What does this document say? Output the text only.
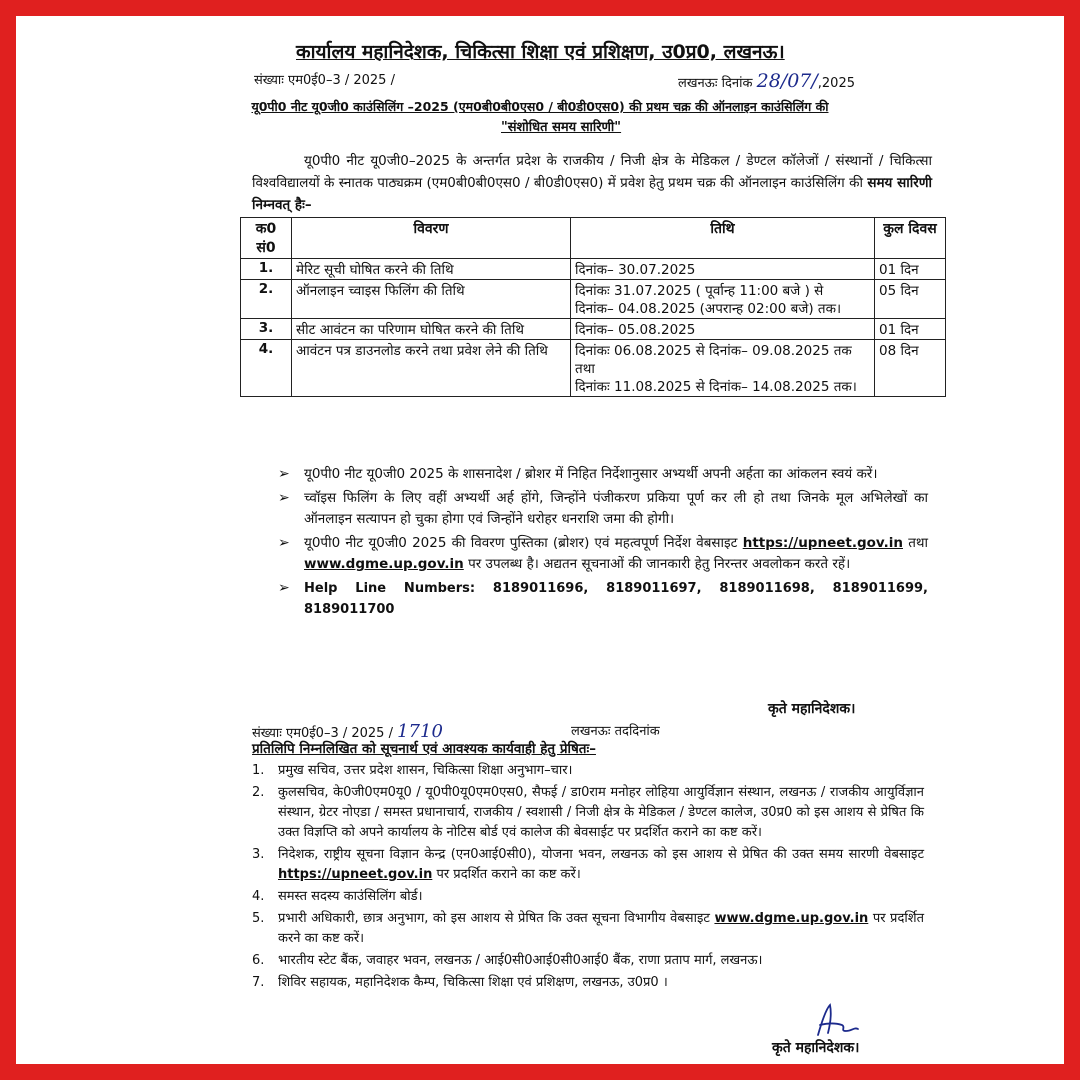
कार्यालय महानिदेशक, चिकित्सा शिक्षा एवं प्रशिक्षण, उ0प्र0, लखनऊ।
संख्याः एम0ई0–3 / 2025 /	लखनऊः दिनांक 28/07/,2025
यू0पी0 नीट यू0जी0 काउंसिलिंग –2025 (एम0बी0बी0एस0 / बी0डी0एस0) की प्रथम चक्र की ऑनलाइन काउंसिलिंग की
"संशोधित समय सारिणी"
यू0पी0 नीट यू0जी0–2025 के अन्तर्गत प्रदेश के राजकीय / निजी क्षेत्र के मेडिकल / डेण्टल कॉलेजों / संस्थानों / चिकित्सा विश्वविद्यालयों के स्नातक पाठ्यक्रम (एम0बी0बी0एस0 / बी0डी0एस0) में प्रवेश हेतु प्रथम चक्र की ऑनलाइन काउंसिलिंग की समय सारिणी निम्नवत् हैः–
क0 सं0	विवरण	तिथि	कुल दिवस
1.	मेरिट सूची घोषित करने की तिथि	दिनांक– 30.07.2025	01 दिन
2.	ऑनलाइन च्वाइस फिलिंग की तिथि	दिनांकः 31.07.2025 ( पूर्वान्ह 11:00 बजे ) से
दिनांक– 04.08.2025 (अपरान्ह 02:00 बजे) तक।	05 दिन
3.	सीट आवंटन का परिणाम घोषित करने की तिथि	दिनांक– 05.08.2025	01 दिन
4.	आवंटन पत्र डाउनलोड करने तथा प्रवेश लेने की तिथि	दिनांकः 06.08.2025 से दिनांक– 09.08.2025 तक तथा
दिनांकः 11.08.2025 से दिनांक– 14.08.2025 तक।	08 दिन
➢ यू0पी0 नीट यू0जी0 2025 के शासनादेश / ब्रोशर में निहित निर्देशानुसार अभ्यर्थी अपनी अर्हता का आंकलन स्वयं करें।
➢ च्वॉइस फिलिंग के लिए वहीं अभ्यर्थी अर्ह होंगे, जिन्होंने पंजीकरण प्रकिया पूर्ण कर ली हो तथा जिनके मूल अभिलेखों का ऑनलाइन सत्यापन हो चुका होगा एवं जिन्होंने धरोहर धनराशि जमा की होगी।
➢ यू0पी0 नीट यू0जी0 2025 की विवरण पुस्तिका (ब्रोशर) एवं महत्वपूर्ण निर्देश वेबसाइट https://upneet.gov.in तथा www.dgme.up.gov.in पर उपलब्ध है। अद्यतन सूचनाओं की जानकारी हेतु निरन्तर अवलोकन करते रहें।
➢ Help Line Numbers: 8189011696, 8189011697, 8189011698, 8189011699, 8189011700
कृते महानिदेशक।
संख्याः एम0ई0–3 / 2025 / 1710	लखनऊः तददिनांक
प्रतिलिपि निम्नलिखित को सूचनार्थ एवं आवश्यक कार्यवाही हेतु प्रेषितः–
1. प्रमुख सचिव, उत्तर प्रदेश शासन, चिकित्सा शिक्षा अनुभाग–चार।
2. कुलसचिव, के0जी0एम0यू0 / यू0पी0यू0एम0एस0, सैफई / डा0राम मनोहर लोहिया आयुर्विज्ञान संस्थान, लखनऊ / राजकीय आयुर्विज्ञान संस्थान, ग्रेटर नोएडा / समस्त प्रधानाचार्य, राजकीय / स्वशासी / निजी क्षेत्र के मेडिकल / डेण्टल कालेज, उ0प्र0 को इस आशय से प्रेषित कि उक्त विज्ञप्ति को अपने कार्यालय के नोटिस बोर्ड एवं कालेज की बेवसाईट पर प्रदर्शित कराने का कष्ट करें।
3. निदेशक, राष्ट्रीय सूचना विज्ञान केन्द्र (एन0आई0सी0), योजना भवन, लखनऊ को इस आशय से प्रेषित की उक्त समय सारणी वेबसाइट https://upneet.gov.in पर प्रदर्शित कराने का कष्ट करें।
4. समस्त सदस्य काउंसिलिंग बोर्ड।
5. प्रभारी अधिकारी, छात्र अनुभाग, को इस आशय से प्रेषित कि उक्त सूचना विभागीय वेबसाइट www.dgme.up.gov.in पर प्रदर्शित करने का कष्ट करें।
6. भारतीय स्टेट बैंक, जवाहर भवन, लखनऊ / आई0सी0आई0सी0आई0 बैंक, राणा प्रताप मार्ग, लखनऊ।
7. शिविर सहायक, महानिदेशक कैम्प, चिकित्सा शिक्षा एवं प्रशिक्षण, लखनऊ, उ0प्र0 ।
कृते महानिदेशक।
